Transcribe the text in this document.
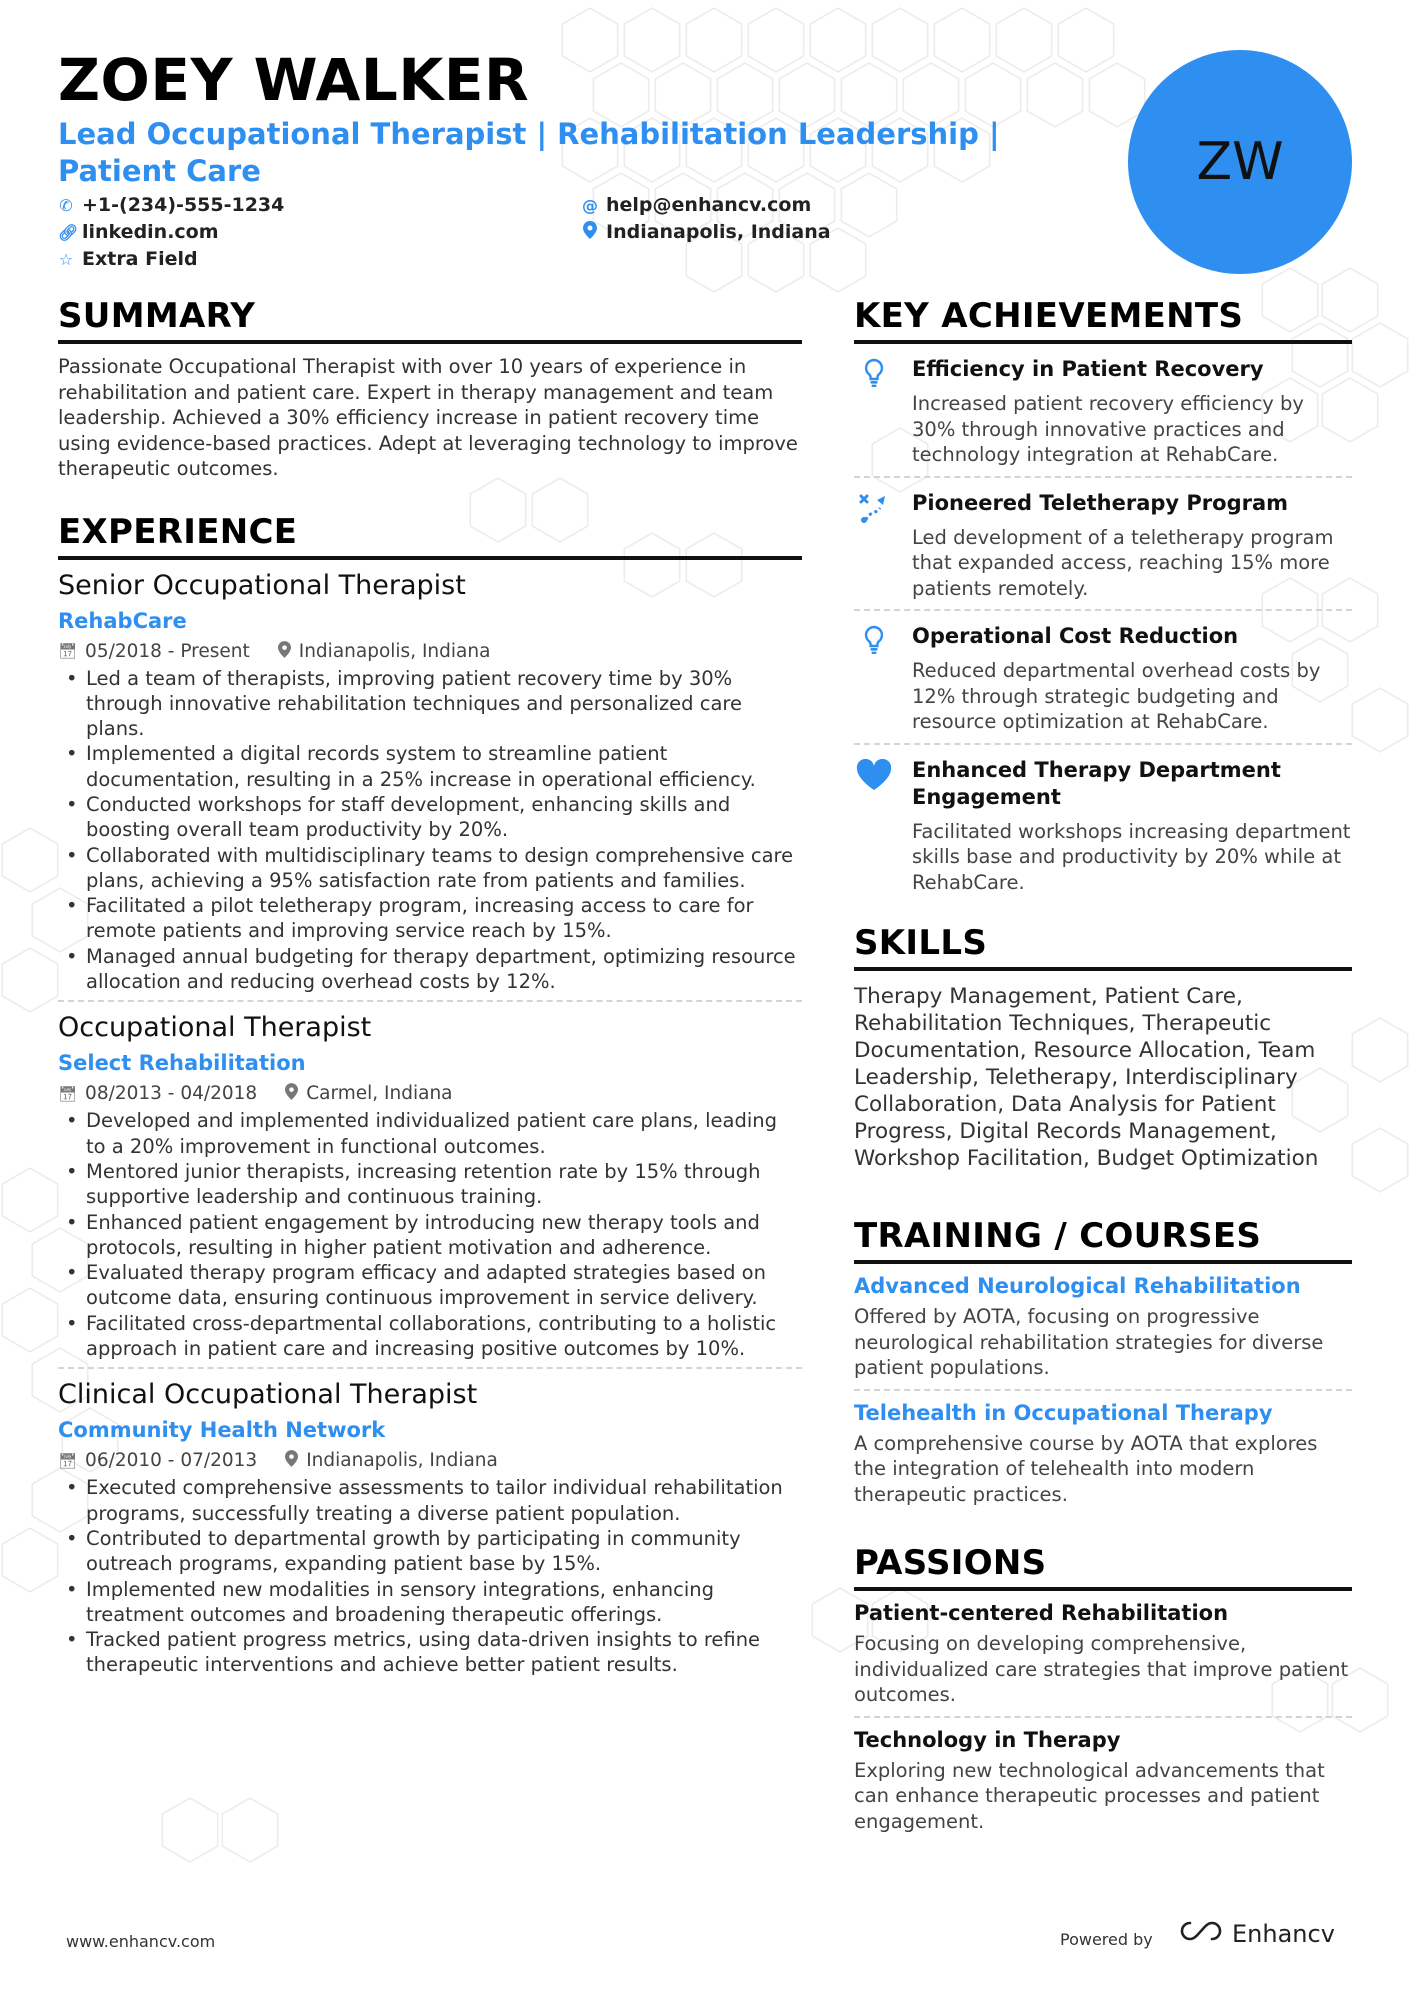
ZOEY WALKER
Lead Occupational Therapist | Rehabilitation Leadership | Patient Care
✆ +1-(234)-555-1234	@ help@enhancv.com
🔗︎ linkedin.com	Indianapolis, Indiana
☆ Extra Field
ZW
SUMMARY
Passionate Occupational Therapist with over 10 years of experience in rehabilitation and patient care. Expert in therapy management and team leadership. Achieved a 30% efficiency increase in patient recovery time using evidence-based practices. Adept at leveraging technology to improve therapeutic outcomes.
EXPERIENCE
Senior Occupational Therapist
RehabCare
📅︎ 05/2018 - Present	Indianapolis, Indiana
• Led a team of therapists, improving patient recovery time by 30% through innovative rehabilitation techniques and personalized care plans.
• Implemented a digital records system to streamline patient documentation, resulting in a 25% increase in operational efficiency.
• Conducted workshops for staff development, enhancing skills and boosting overall team productivity by 20%.
• Collaborated with multidisciplinary teams to design comprehensive care plans, achieving a 95% satisfaction rate from patients and families.
• Facilitated a pilot teletherapy program, increasing access to care for remote patients and improving service reach by 15%.
• Managed annual budgeting for therapy department, optimizing resource allocation and reducing overhead costs by 12%.
Occupational Therapist
Select Rehabilitation
📅︎ 08/2013 - 04/2018	Carmel, Indiana
• Developed and implemented individualized patient care plans, leading to a 20% improvement in functional outcomes.
• Mentored junior therapists, increasing retention rate by 15% through supportive leadership and continuous training.
• Enhanced patient engagement by introducing new therapy tools and protocols, resulting in higher patient motivation and adherence.
• Evaluated therapy program efficacy and adapted strategies based on outcome data, ensuring continuous improvement in service delivery.
• Facilitated cross-departmental collaborations, contributing to a holistic approach in patient care and increasing positive outcomes by 10%.
Clinical Occupational Therapist
Community Health Network
📅︎ 06/2010 - 07/2013	Indianapolis, Indiana
• Executed comprehensive assessments to tailor individual rehabilitation programs, successfully treating a diverse patient population.
• Contributed to departmental growth by participating in community outreach programs, expanding patient base by 15%.
• Implemented new modalities in sensory integrations, enhancing treatment outcomes and broadening therapeutic offerings.
• Tracked patient progress metrics, using data-driven insights to refine therapeutic interventions and achieve better patient results.
KEY ACHIEVEMENTS
Efficiency in Patient Recovery
Increased patient recovery efficiency by 30% through innovative practices and technology integration at RehabCare.
Pioneered Teletherapy Program
Led development of a teletherapy program that expanded access, reaching 15% more patients remotely.
Operational Cost Reduction
Reduced departmental overhead costs by 12% through strategic budgeting and resource optimization at RehabCare.
Enhanced Therapy Department Engagement
Facilitated workshops increasing department skills base and productivity by 20% while at RehabCare.
SKILLS
Therapy Management, Patient Care, Rehabilitation Techniques, Therapeutic Documentation, Resource Allocation, Team Leadership, Teletherapy, Interdisciplinary Collaboration, Data Analysis for Patient Progress, Digital Records Management, Workshop Facilitation, Budget Optimization
TRAINING / COURSES
Advanced Neurological Rehabilitation
Offered by AOTA, focusing on progressive neurological rehabilitation strategies for diverse patient populations.
Telehealth in Occupational Therapy
A comprehensive course by AOTA that explores the integration of telehealth into modern therapeutic practices.
PASSIONS
Patient-centered Rehabilitation
Focusing on developing comprehensive, individualized care strategies that improve patient outcomes.
Technology in Therapy
Exploring new technological advancements that can enhance therapeutic processes and patient engagement.
www.enhancv.com	Powered by	Enhancv
